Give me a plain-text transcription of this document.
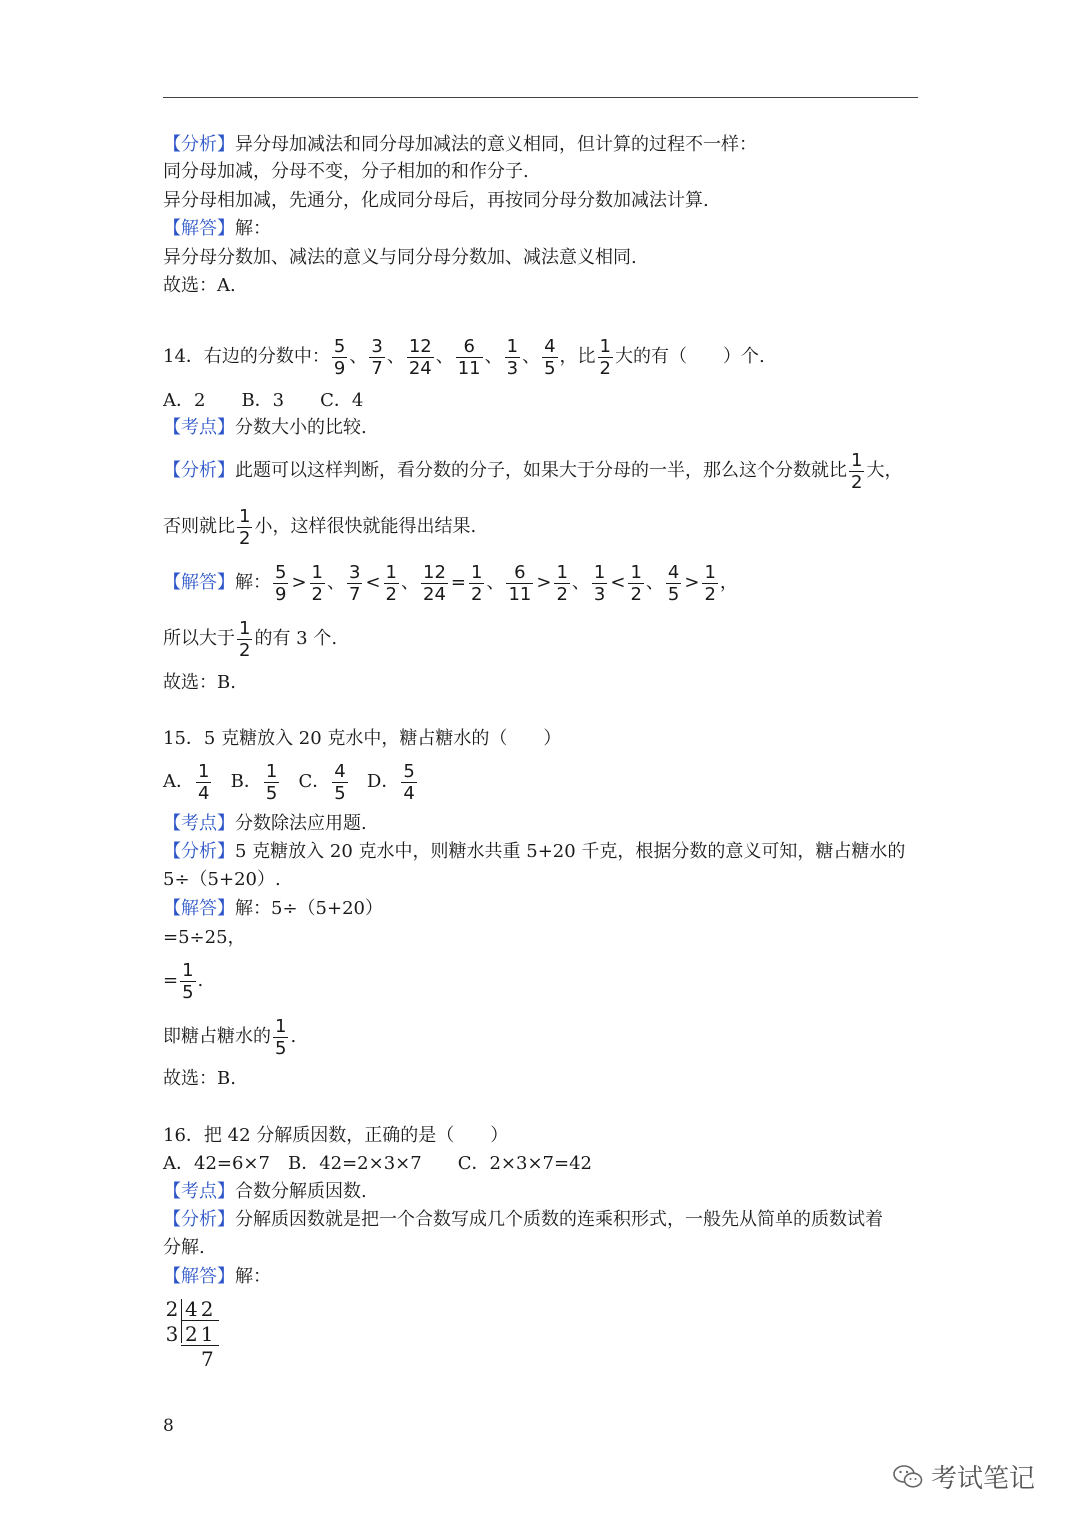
【分析】异分母加减法和同分母加减法的意义相同，但计算的过程不一样：
同分母加减，分母不变，分子相加的和作分子.
异分母相加减，先通分，化成同分母后，再按同分母分数加减法计算.
【解答】解：
异分母分数加、减法的意义与同分母分数加、减法意义相同.
故选：A.
14．右边的分数中： $\frac{5}{9}$ 、 $\frac{3}{7}$ 、 $\frac{12}{24}$ 、 $\frac{6}{11}$ 、 $\frac{1}{3}$ 、 $\frac{4}{5}$ ，比 $\frac{1}{2}$ 大的有（　　）个.
A．2　　B．3　　C．4
【考点】分数大小的比较.
【分析】此题可以这样判断，看分数的分子，如果大于分母的一半，那么这个分数就比 $\frac{1}{2}$ 大，
否则就比 $\frac{1}{2}$ 小，这样很快就能得出结果.
【解答】解： $\frac{5}{9} > \frac{1}{2}$ 、 $\frac{3}{7} < \frac{1}{2}$ 、 $\frac{12}{24} = \frac{1}{2}$ 、 $\frac{6}{11} > \frac{1}{2}$ 、 $\frac{1}{3} < \frac{1}{2}$ 、 $\frac{4}{5} > \frac{1}{2}$ ，
所以大于 $\frac{1}{2}$ 的有 3 个.
故选：B.
15．5 克糖放入 20 克水中，糖占糖水的（　　）
A． $\frac{1}{4}$ B． $\frac{1}{5}$ C． $\frac{4}{5}$ D． $\frac{5}{4}$
【考点】分数除法应用题.
【分析】5 克糖放入 20 克水中，则糖水共重 5+20 千克，根据分数的意义可知，糖占糖水的
5÷（5+20）.
【解答】解：5÷（5+20）
=5÷25，
= $\frac{1}{5}$ .
即糖占糖水的 $\frac{1}{5}$ .
故选：B.
16．把 42 分解质因数，正确的是（　　）
A．42=6×7　B．42=2×3×7　　C．2×3×7=42
【考点】合数分解质因数.
【分析】分解质因数就是把一个合数写成几个质数的连乘积形式，一般先从简单的质数试着
分解.
【解答】解：
2 42
3 21
7
8
考试笔记
